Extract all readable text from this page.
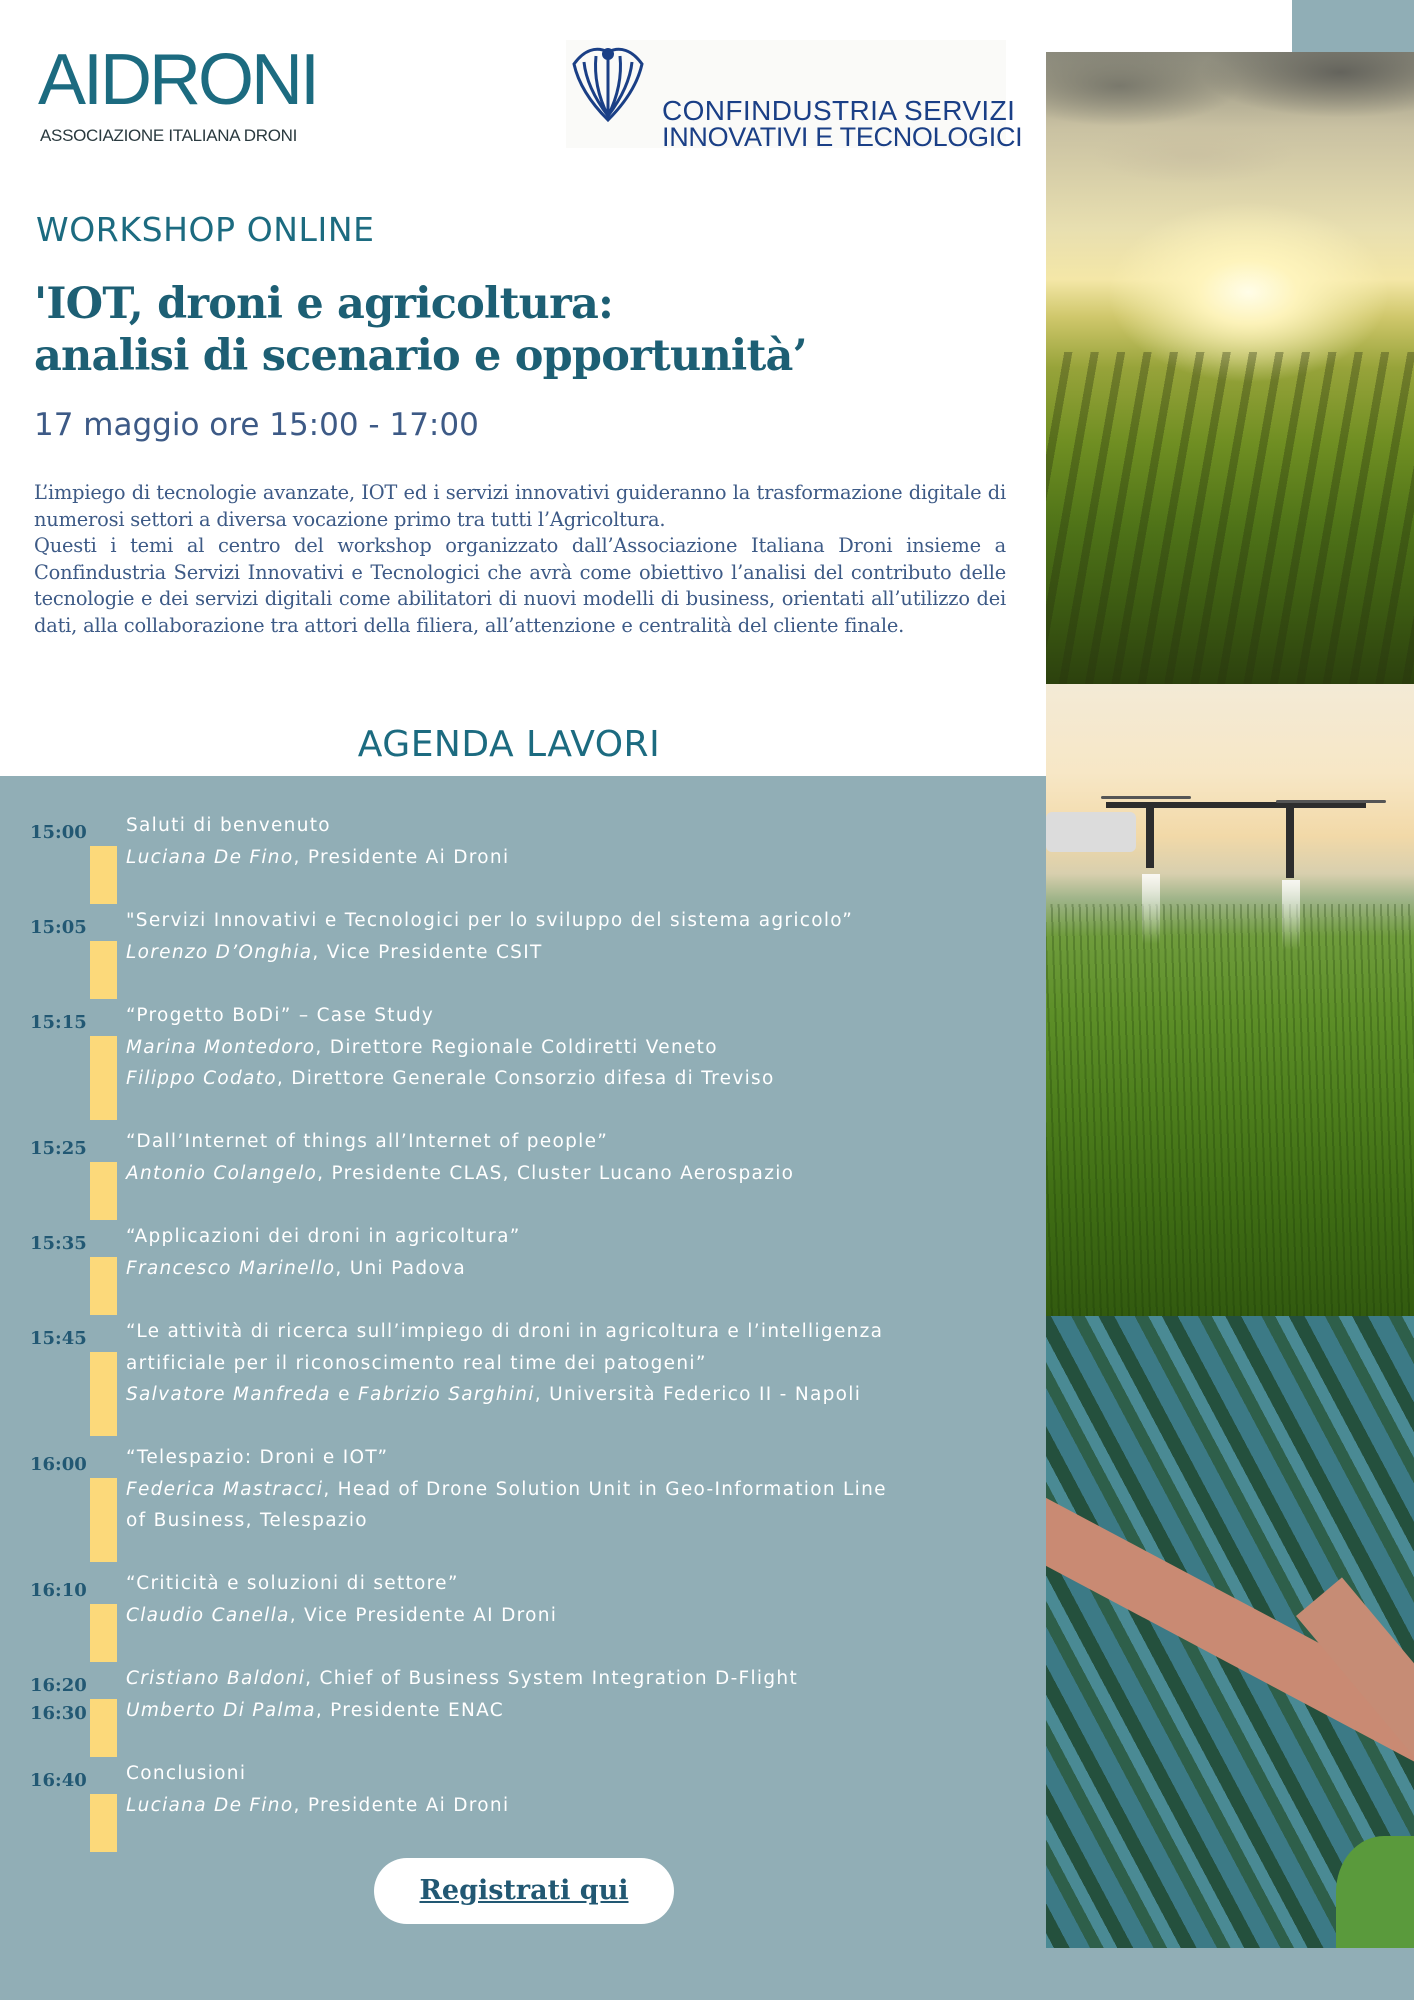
AIDRONI
ASSOCIAZIONE ITALIANA DRONI
CONFINDUSTRIA SERVIZI
INNOVATIVI E TECNOLOGICI
WORKSHOP ONLINE
'IOT, droni e agricoltura:
analisi di scenario e opportunità’
17 maggio ore 15:00 - 17:00

L’impiego di tecnologie avanzate, IOT ed i servizi innovativi guideranno la trasformazione digitale di numerosi settori a diversa vocazione primo tra tutti l’Agricoltura.

Questi i temi al centro del workshop organizzato dall’Associazione Italiana Droni insieme a Confindustria Servizi Innovativi e Tecnologici che avrà come obiettivo l’analisi del contributo delle tecnologie e dei servizi digitali come abilitatori di nuovi modelli di business, orientati all’utilizzo dei dati, alla collaborazione tra attori della filiera, all’attenzione e centralità del cliente finale.

AGENDA LAVORI
15:00 Saluti di benvenuto
Luciana De Fino, Presidente Ai Droni
15:05 "Servizi Innovativi e Tecnologici per lo sviluppo del sistema agricolo”
Lorenzo D’Onghia, Vice Presidente CSIT
15:15 “Progetto BoDi” – Case Study
Marina Montedoro, Direttore Regionale Coldiretti Veneto
Filippo Codato, Direttore Generale Consorzio difesa di Treviso
15:25 “Dall’Internet of things all’Internet of people”
Antonio Colangelo, Presidente CLAS, Cluster Lucano Aerospazio
15:35 “Applicazioni dei droni in agricoltura”
Francesco Marinello, Uni Padova
15:45 “Le attività di ricerca sull’impiego di droni in agricoltura e l’intelligenza
artificiale per il riconoscimento real time dei patogeni”
Salvatore Manfreda e Fabrizio Sarghini, Università Federico II - Napoli
16:00 “Telespazio: Droni e IOT”
Federica Mastracci, Head of Drone Solution Unit in Geo-Information Line
of Business, Telespazio
16:10 “Criticità e soluzioni di settore”
Claudio Canella, Vice Presidente AI Droni
16:20
16:30
Cristiano Baldoni, Chief of Business System Integration D-Flight
Umberto Di Palma, Presidente ENAC
16:40 Conclusioni
Luciana De Fino, Presidente Ai Droni
Registrati qui
